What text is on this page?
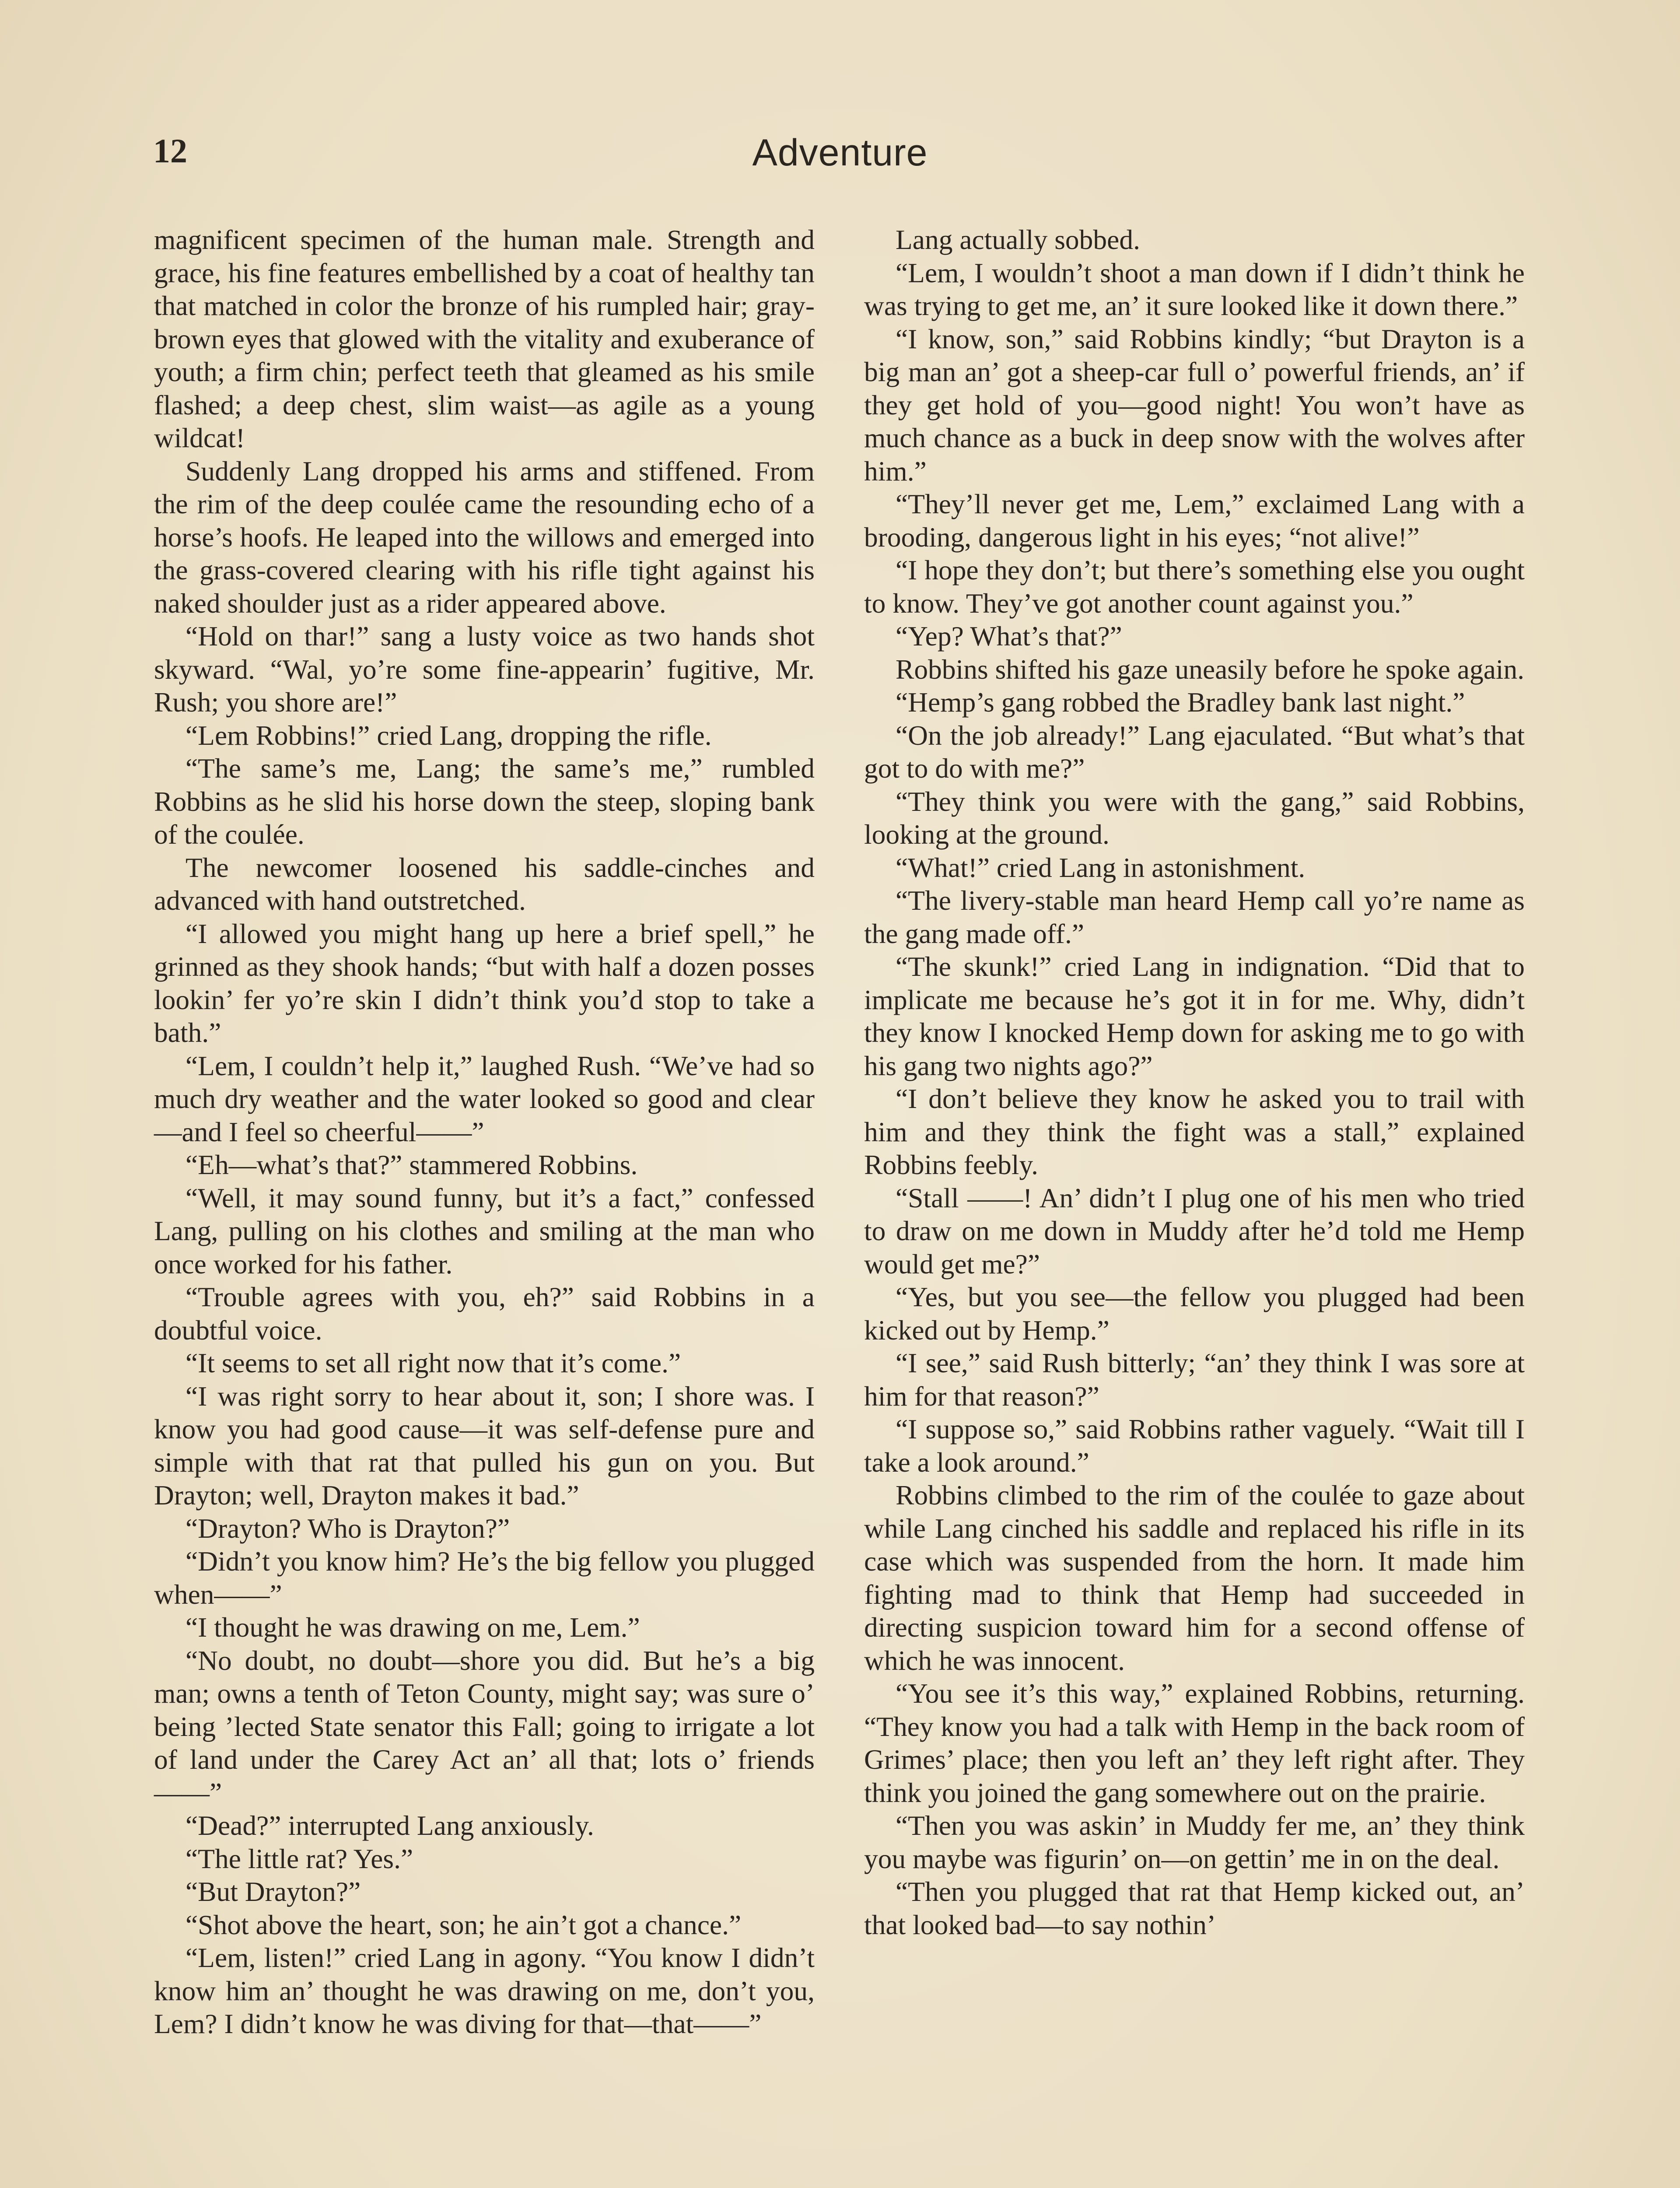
12	Adventure

magnificent specimen of the human male. Strength and grace, his fine features embellished by a coat of healthy tan that matched in color the bronze of his rumpled hair; gray-brown eyes that glowed with the vitality and exuberance of youth; a firm chin; perfect teeth that gleamed as his smile flashed; a deep chest, slim waist—as agile as a young wildcat!

Suddenly Lang dropped his arms and stiffened. From the rim of the deep coulée came the resounding echo of a horse’s hoofs. He leaped into the willows and emerged into the grass-covered clearing with his rifle tight against his naked shoulder just as a rider appeared above.

“Hold on thar!” sang a lusty voice as two hands shot skyward. “Wal, yo’re some fine-appearin’ fugitive, Mr. Rush; you shore are!”

“Lem Robbins!” cried Lang, dropping the rifle.

“The same’s me, Lang; the same’s me,” rumbled Robbins as he slid his horse down the steep, sloping bank of the coulée.

The newcomer loosened his saddle-cinches and advanced with hand outstretched.

“I allowed you might hang up here a brief spell,” he grinned as they shook hands; “but with half a dozen posses lookin’ fer yo’re skin I didn’t think you’d stop to take a bath.”

“Lem, I couldn’t help it,” laughed Rush. “We’ve had so much dry weather and the water looked so good and clear—and I feel so cheerful——”

“Eh—what’s that?” stammered Robbins.

“Well, it may sound funny, but it’s a fact,” confessed Lang, pulling on his clothes and smiling at the man who once worked for his father.

“Trouble agrees with you, eh?” said Robbins in a doubtful voice.

“It seems to set all right now that it’s come.”

“I was right sorry to hear about it, son; I shore was. I know you had good cause—it was self-defense pure and simple with that rat that pulled his gun on you. But Drayton; well, Drayton makes it bad.”

“Drayton? Who is Drayton?”

“Didn’t you know him? He’s the big fellow you plugged when——”

“I thought he was drawing on me, Lem.”

“No doubt, no doubt—shore you did. But he’s a big man; owns a tenth of Teton County, might say; was sure o’ being ’lected State senator this Fall; going to irrigate a lot of land under the Carey Act an’ all that; lots o’ friends——”

“Dead?” interrupted Lang anxiously.

“The little rat? Yes.”

“But Drayton?”

“Shot above the heart, son; he ain’t got a chance.”

“Lem, listen!” cried Lang in agony. “You know I didn’t know him an’ thought he was drawing on me, don’t you, Lem? I didn’t know he was diving for that—that——”

Lang actually sobbed.

“Lem, I wouldn’t shoot a man down if I didn’t think he was trying to get me, an’ it sure looked like it down there.”

“I know, son,” said Robbins kindly; “but Drayton is a big man an’ got a sheep-car full o’ powerful friends, an’ if they get hold of you—good night! You won’t have as much chance as a buck in deep snow with the wolves after him.”

“They’ll never get me, Lem,” exclaimed Lang with a brooding, dangerous light in his eyes; “not alive!”

“I hope they don’t; but there’s something else you ought to know. They’ve got another count against you.”

“Yep? What’s that?”

Robbins shifted his gaze uneasily before he spoke again.

“Hemp’s gang robbed the Bradley bank last night.”

“On the job already!” Lang ejaculated. “But what’s that got to do with me?”

“They think you were with the gang,” said Robbins, looking at the ground.

“What!” cried Lang in astonishment.

“The livery-stable man heard Hemp call yo’re name as the gang made off.”

“The skunk!” cried Lang in indignation. “Did that to implicate me because he’s got it in for me. Why, didn’t they know I knocked Hemp down for asking me to go with his gang two nights ago?”

“I don’t believe they know he asked you to trail with him and they think the fight was a stall,” explained Robbins feebly.

“Stall ——! An’ didn’t I plug one of his men who tried to draw on me down in Muddy after he’d told me Hemp would get me?”

“Yes, but you see—the fellow you plugged had been kicked out by Hemp.”

“I see,” said Rush bitterly; “an’ they think I was sore at him for that reason?”

“I suppose so,” said Robbins rather vaguely. “Wait till I take a look around.”

Robbins climbed to the rim of the coulée to gaze about while Lang cinched his saddle and replaced his rifle in its case which was suspended from the horn. It made him fighting mad to think that Hemp had succeeded in directing suspicion toward him for a second offense of which he was innocent.

“You see it’s this way,” explained Robbins, returning. “They know you had a talk with Hemp in the back room of Grimes’ place; then you left an’ they left right after. They think you joined the gang somewhere out on the prairie.

“Then you was askin’ in Muddy fer me, an’ they think you maybe was figurin’ on—on gettin’ me in on the deal.

“Then you plugged that rat that Hemp kicked out, an’ that looked bad—to say nothin’
